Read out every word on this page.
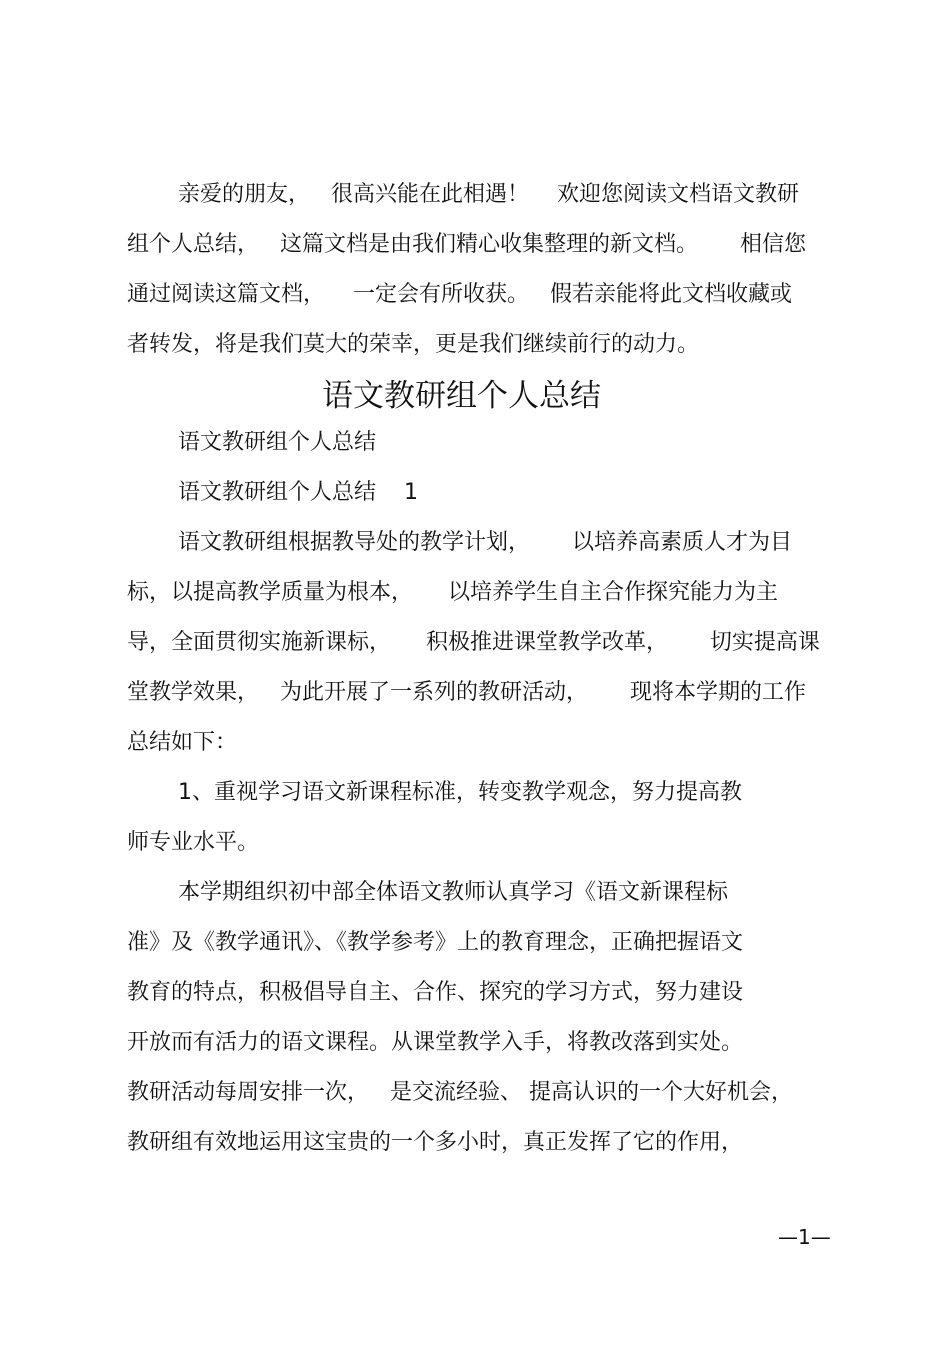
亲爱的朋友，   很高兴能在此相遇！    欢迎您阅读文档语文教研

组个人总结，   这篇文档是由我们精心收集整理的新文档。      相信您

通过阅读这篇文档，    一定会有所收获。   假若亲能将此文档收藏或

者转发，将是我们莫大的荣幸，更是我们继续前行的动力。

语文教研组个人总结

语文教研组个人总结

语文教研组个人总结    1

语文教研组根据教导处的教学计划，      以培养高素质人才为目

标，以提高教学质量为根本，     以培养学生自主合作探究能力为主

导，全面贯彻实施新课标，     积极推进课堂教学改革，      切实提高课

堂教学效果，   为此开展了一系列的教研活动，      现将本学期的工作

总结如下：

1、重视学习语文新课程标准，转变教学观念，努力提高教

师专业水平。

本学期组织初中部全体语文教师认真学习《语文新课程标

准》及《教学通讯》、《教学参考》上的教育理念，正确把握语文

教育的特点，积极倡导自主、合作、探究的学习方式，努力建设

开放而有活力的语文课程。从课堂教学入手，将教改落到实处。

教研活动每周安排一次，   是交流经验、 提高认识的一个大好机会，

教研组有效地运用这宝贵的一个多小时，真正发挥了它的作用，

—1—
